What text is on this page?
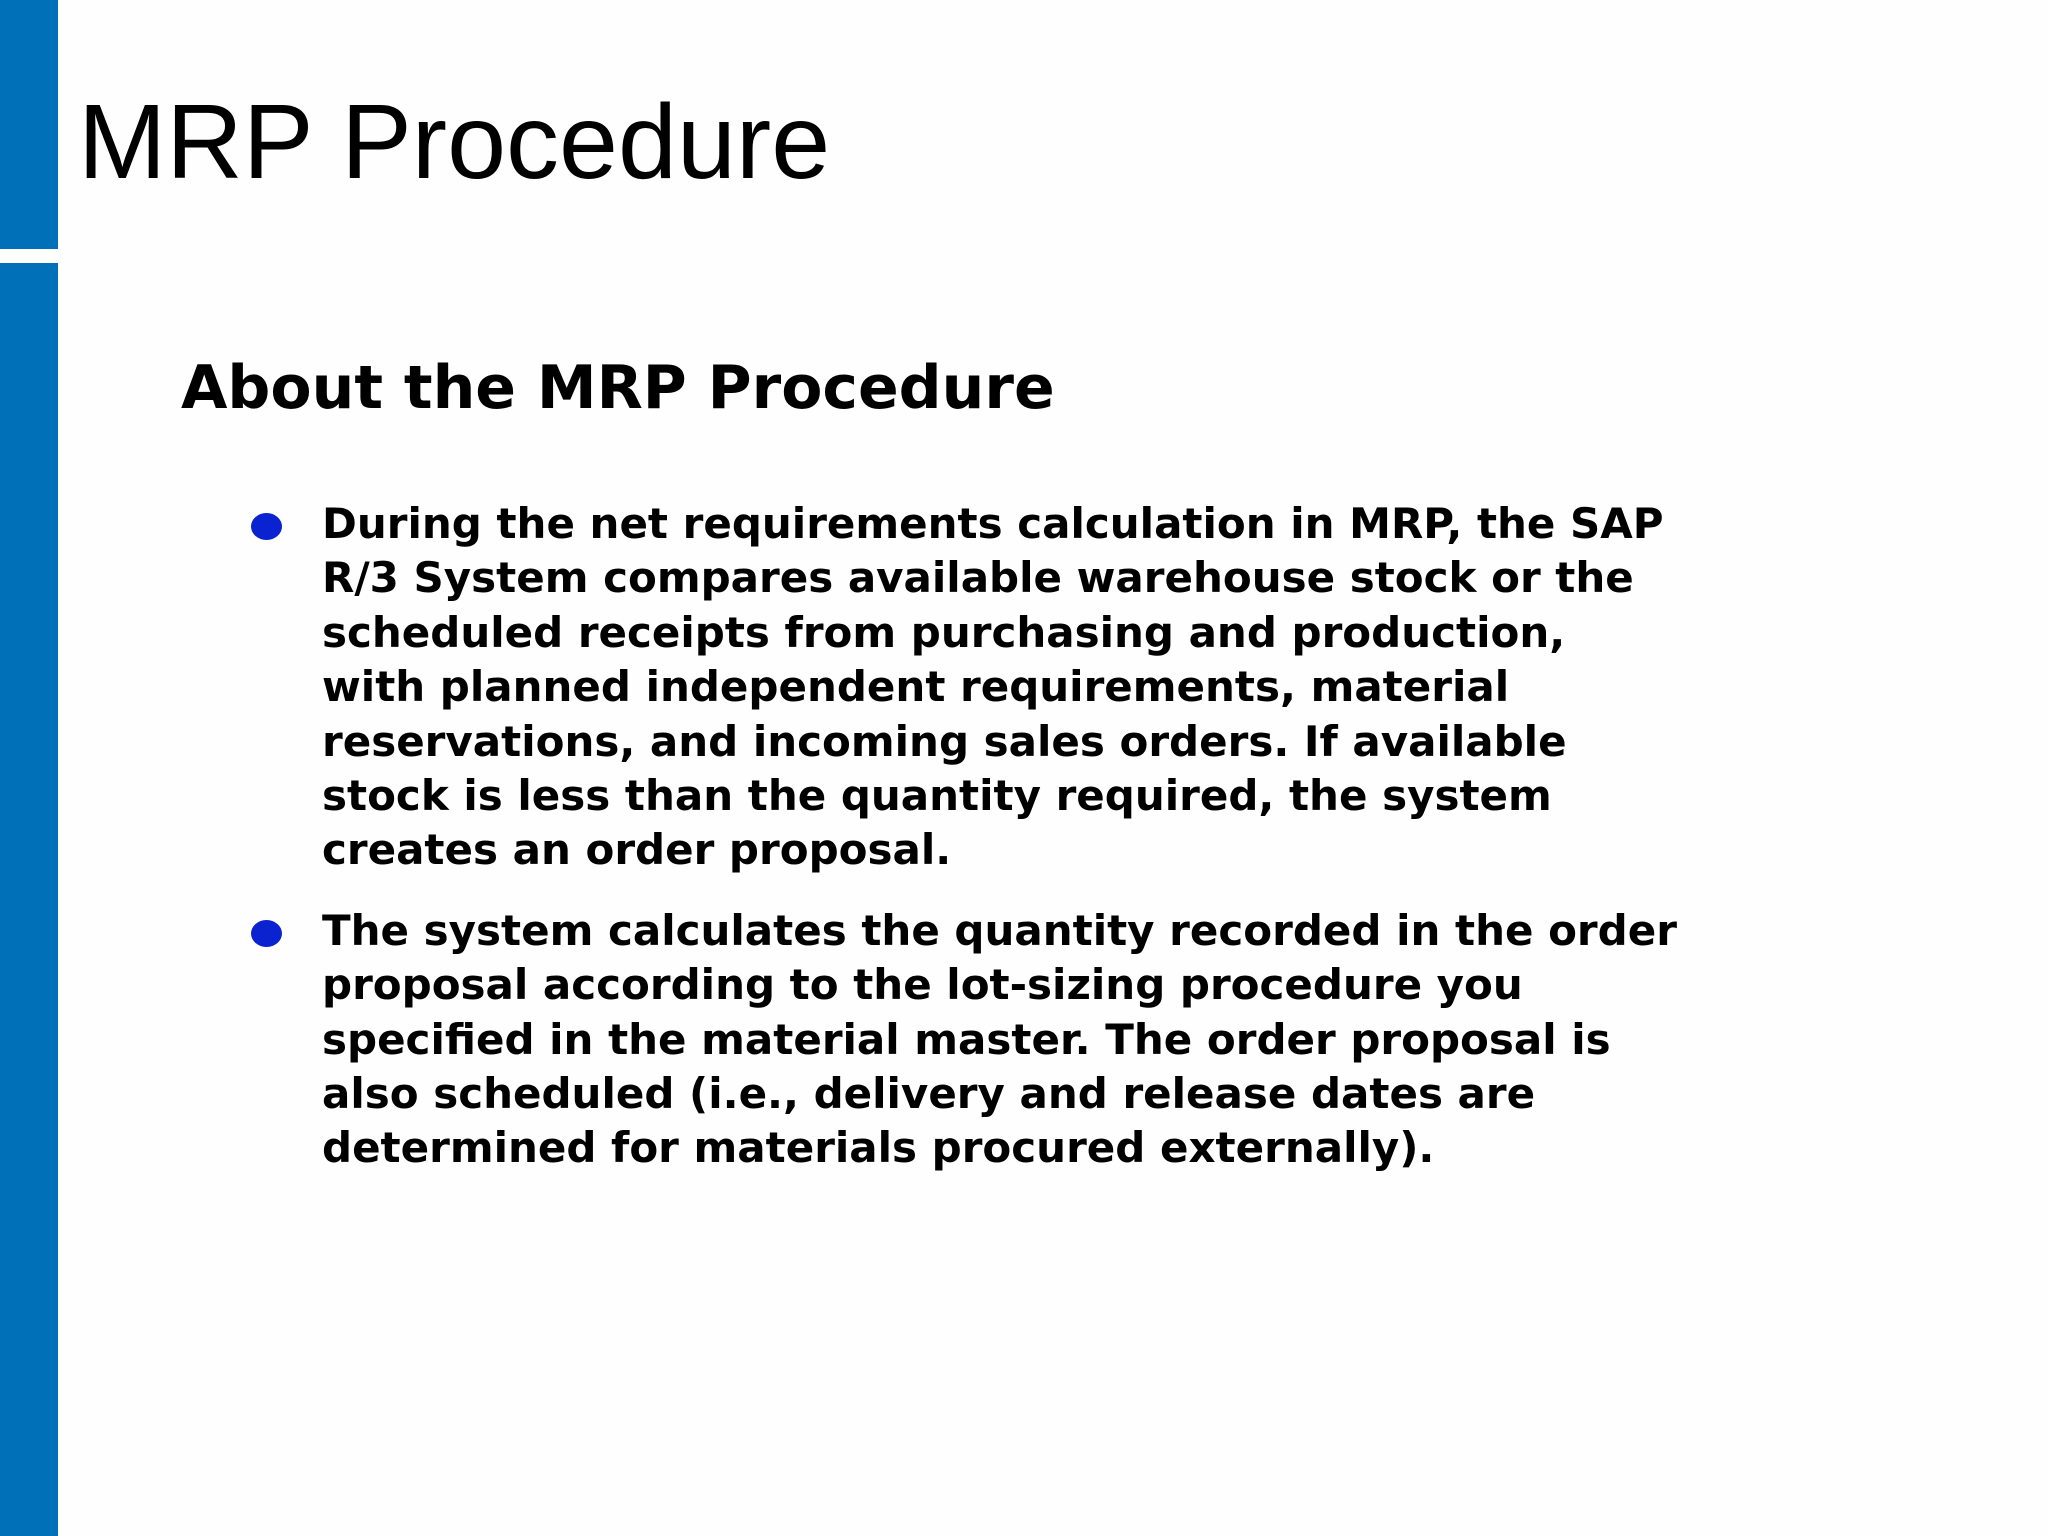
MRP Procedure
About the MRP Procedure
During the net requirements calculation in MRP, the SAP
R/3 System compares available warehouse stock or the
scheduled receipts from purchasing and production,
with planned independent requirements, material
reservations, and incoming sales orders. If available
stock is less than the quantity required, the system
creates an order proposal.
The system calculates the quantity recorded in the order
proposal according to the lot-sizing procedure you
specified in the material master. The order proposal is
also scheduled (i.e., delivery and release dates are
determined for materials procured externally).
